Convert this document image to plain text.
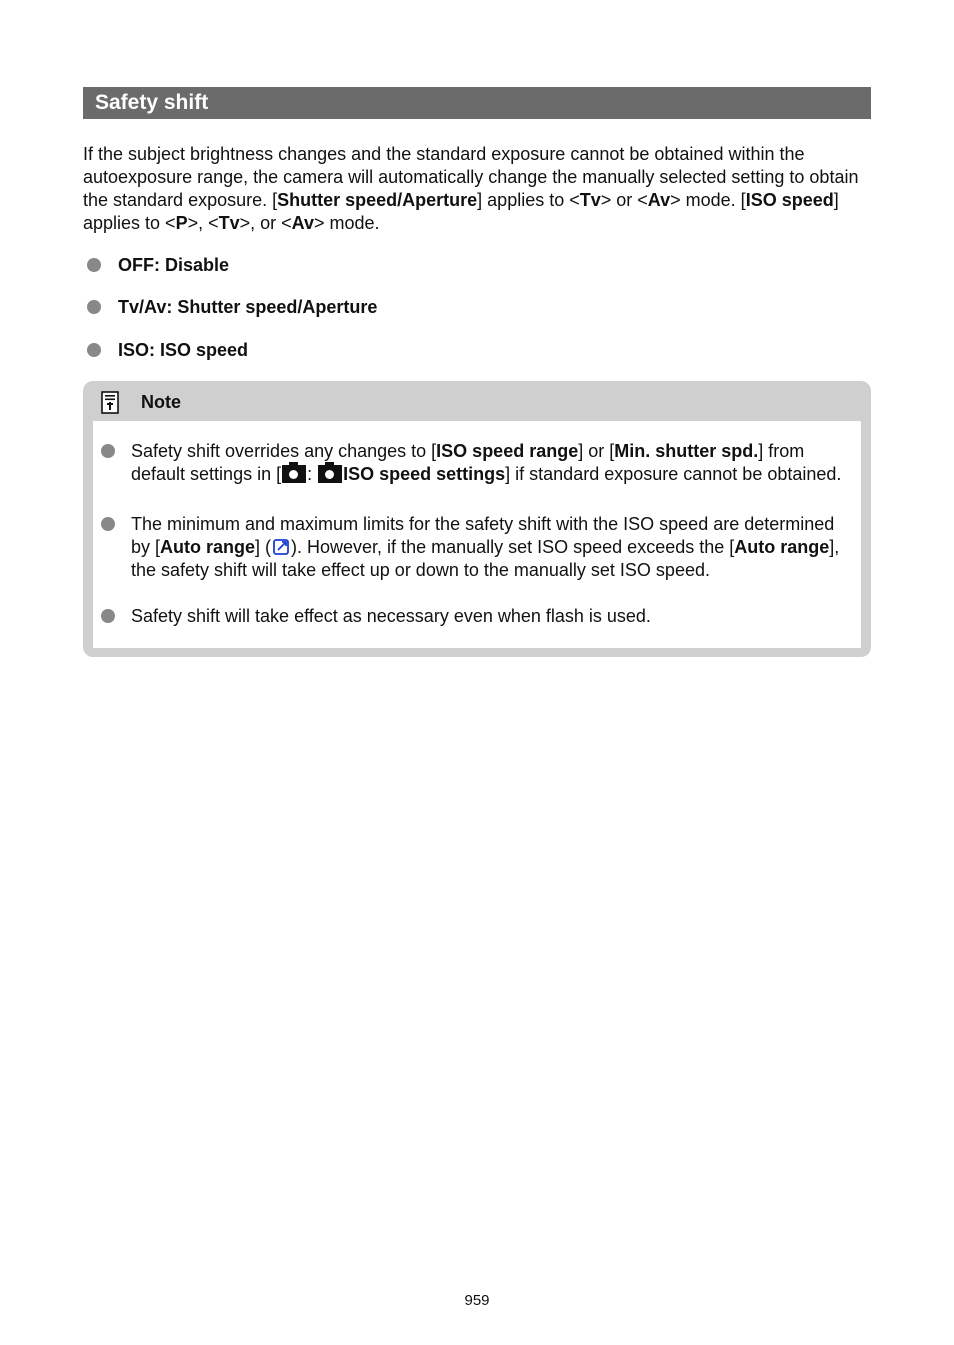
Safety shift

If the subject brightness changes and the standard exposure cannot be obtained within the autoexposure range, the camera will automatically change the manually selected setting to obtain the standard exposure. [Shutter speed/Aperture] applies to <Tv> or <Av> mode. [ISO speed] applies to <P>, <Tv>, or <Av> mode.

OFF: Disable
Tv/Av: Shutter speed/Aperture
ISO: ISO speed
Note
Safety shift overrides any changes to [ISO speed range] or [Min. shutter spd.] from default settings in [ : ISO speed settings] if standard exposure cannot be obtained.
The minimum and maximum limits for the safety shift with the ISO speed are determined by [Auto range] ( ). However, if the manually set ISO speed exceeds the [Auto range], the safety shift will take effect up or down to the manually set ISO speed.
Safety shift will take effect as necessary even when flash is used.
959
